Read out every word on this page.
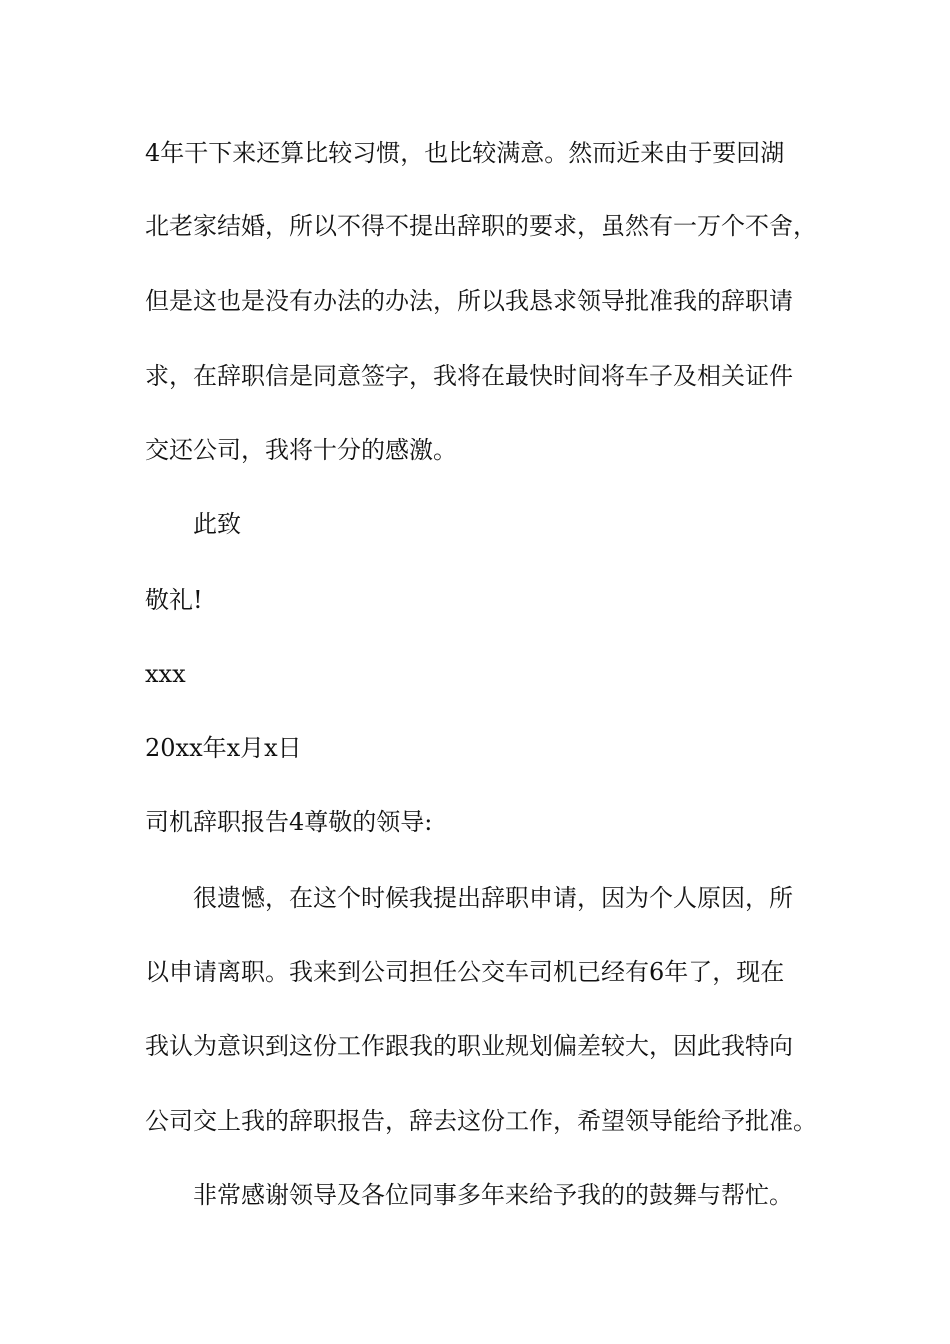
4年干下来还算比较习惯，也比较满意。然而近来由于要回湖

北老家结婚，所以不得不提出辞职的要求，虽然有一万个不舍，

但是这也是没有办法的办法，所以我恳求领导批准我的辞职请

求，在辞职信是同意签字，我将在最快时间将车子及相关证件

交还公司，我将十分的感激。

此致

敬礼!

xxx

20xx年x月x日

司机辞职报告4尊敬的领导:

很遗憾，在这个时候我提出辞职申请，因为个人原因，所

以申请离职。我来到公司担任公交车司机已经有6年了，现在

我认为意识到这份工作跟我的职业规划偏差较大，因此我特向

公司交上我的辞职报告，辞去这份工作，希望领导能给予批准。

非常感谢领导及各位同事多年来给予我的的鼓舞与帮忙。
